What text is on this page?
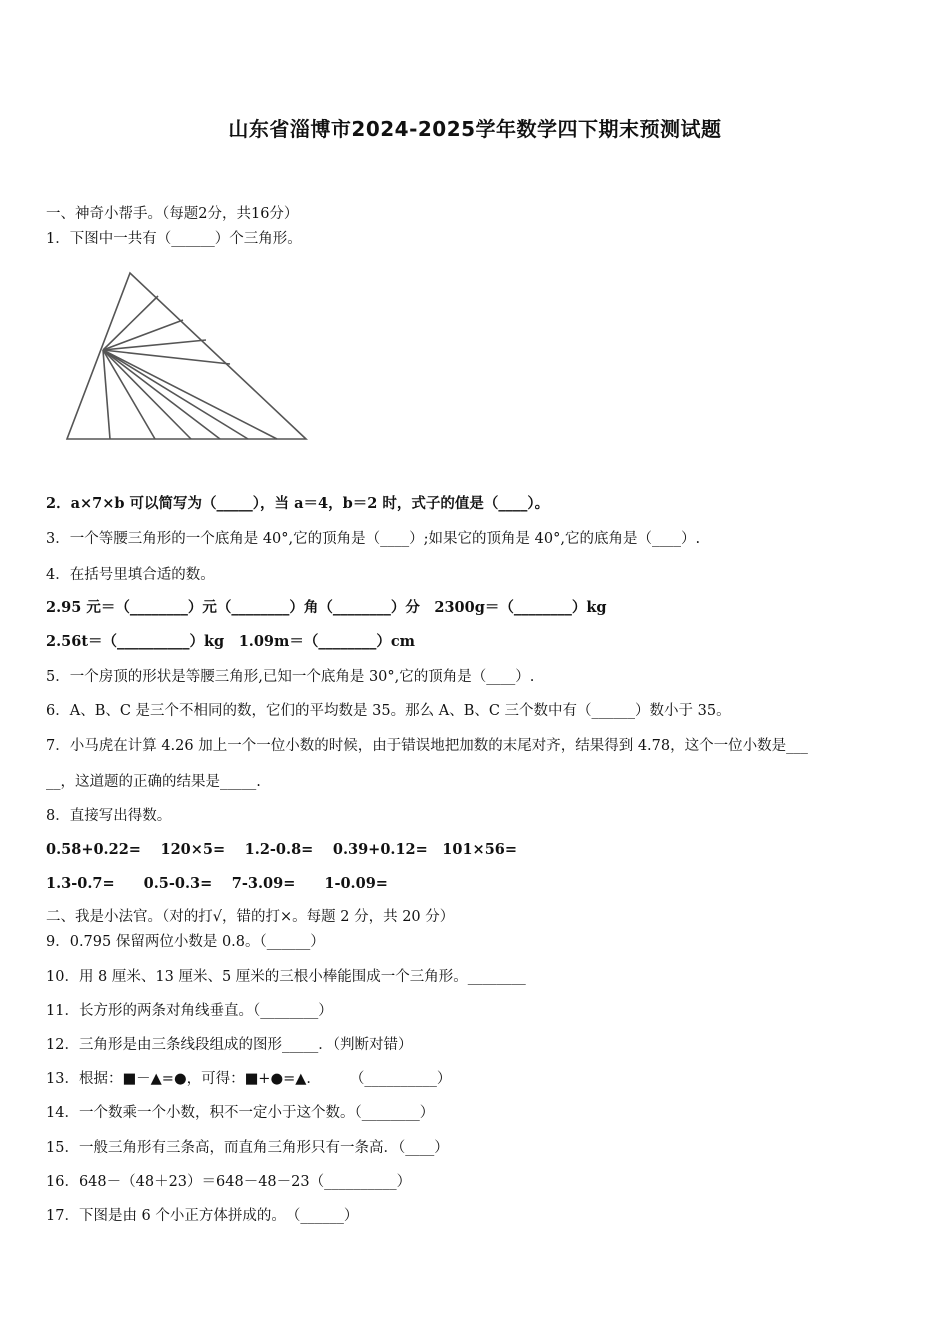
山东省淄博市2024-2025学年数学四下期末预测试题
一、神奇小帮手。（每题2分，共16分）
1．下图中一共有（______）个三角形。
2．a×7×b 可以简写为（_____），当 a＝4，b＝2 时，式子的值是（____）。
3．一个等腰三角形的一个底角是 40°,它的顶角是（____）;如果它的顶角是 40°,它的底角是（____）.
4．在括号里填合适的数。
2.95 元＝（________）元（________）角（________）分　2300g＝（________）kg
2.56t＝（__________）kg　1.09m＝（________）cm
5．一个房顶的形状是等腰三角形,已知一个底角是 30°,它的顶角是（____）.
6．A、B、C 是三个不相同的数，它们的平均数是 35。那么 A、B、C 三个数中有（______）数小于 35。
7．小马虎在计算 4.26 加上一个一位小数的时候，由于错误地把加数的末尾对齐，结果得到 4.78，这个一位小数是___
__，这道题的正确的结果是_____.
8．直接写出得数。
0.58+0.22=　 120×5=　 1.2-0.8=　 0.39+0.12=　101×56=
1.3-0.7=　　0.5-0.3=　 7-3.09=　　1-0.09=
二、我是小法官。（对的打√，错的打×。每题 2 分，共 20 分）
9．0.795 保留两位小数是 0.8。（______）
10．用 8 厘米、13 厘米、5 厘米的三根小棒能围成一个三角形。________
11．长方形的两条对角线垂直。（________）
12．三角形是由三条线段组成的图形_____．（判断对错）
13．根据：■－▲=●，可得：■+●=▲．　　　（__________）
14．一个数乘一个小数，积不一定小于这个数。（________）
15．一般三角形有三条高，而直角三角形只有一条高．（____）
16．648－（48＋23）＝648－48－23（__________）
17．下图是由 6 个小正方体拼成的。　（______）
